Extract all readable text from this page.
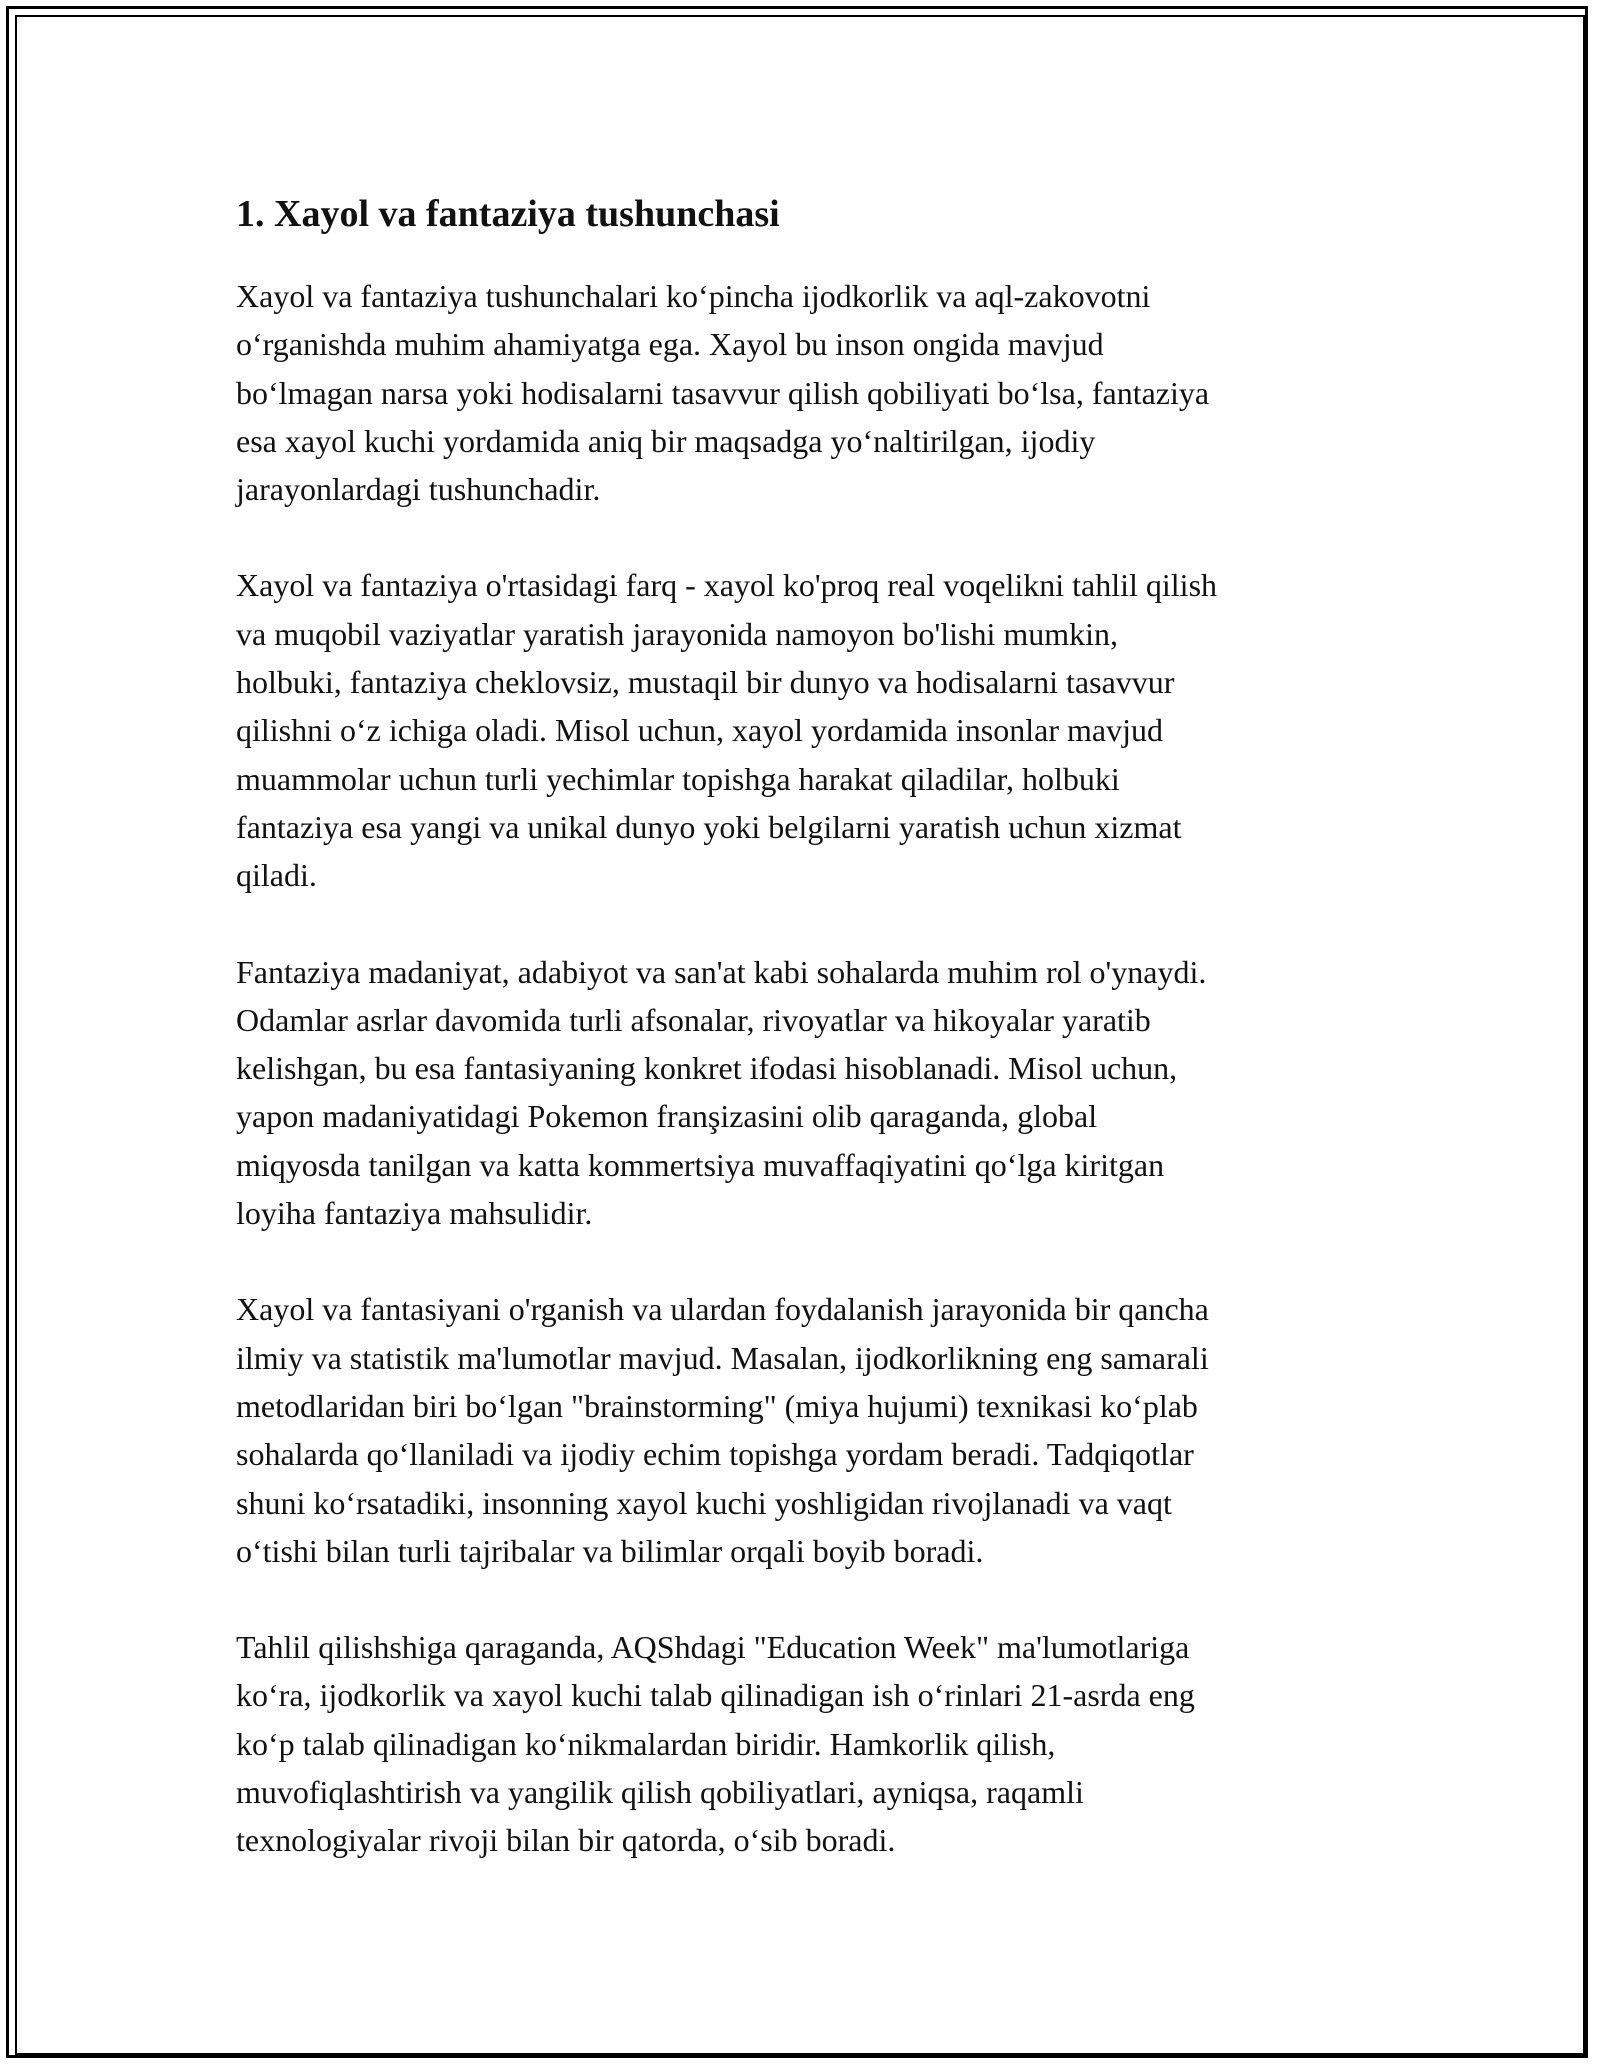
1. Xayol va fantaziya tushunchasi

Xayol va fantaziya tushunchalari koʻpincha ijodkorlik va aql-zakovotni
oʻrganishda muhim ahamiyatga ega. Xayol bu inson ongida mavjud
boʻlmagan narsa yoki hodisalarni tasavvur qilish qobiliyati boʻlsa, fantaziya
esa xayol kuchi yordamida aniq bir maqsadga yoʻnaltirilgan, ijodiy
jarayonlardagi tushunchadir.

Xayol va fantaziya o'rtasidagi farq - xayol ko'proq real voqelikni tahlil qilish
va muqobil vaziyatlar yaratish jarayonida namoyon bo'lishi mumkin,
holbuki, fantaziya cheklovsiz, mustaqil bir dunyo va hodisalarni tasavvur
qilishni oʻz ichiga oladi. Misol uchun, xayol yordamida insonlar mavjud
muammolar uchun turli yechimlar topishga harakat qiladilar, holbuki
fantaziya esa yangi va unikal dunyo yoki belgilarni yaratish uchun xizmat
qiladi.

Fantaziya madaniyat, adabiyot va san'at kabi sohalarda muhim rol o'ynaydi.
Odamlar asrlar davomida turli afsonalar, rivoyatlar va hikoyalar yaratib
kelishgan, bu esa fantasiyaning konkret ifodasi hisoblanadi. Misol uchun,
yapon madaniyatidagi Pokemon franşizasini olib qaraganda, global
miqyosda tanilgan va katta kommertsiya muvaffaqiyatini qoʻlga kiritgan
loyiha fantaziya mahsulidir.

Xayol va fantasiyani o'rganish va ulardan foydalanish jarayonida bir qancha
ilmiy va statistik ma'lumotlar mavjud. Masalan, ijodkorlikning eng samarali
metodlaridan biri boʻlgan "brainstorming" (miya hujumi) texnikasi koʻplab
sohalarda qoʻllaniladi va ijodiy echim topishga yordam beradi. Tadqiqotlar
shuni koʻrsatadiki, insonning xayol kuchi yoshligidan rivojlanadi va vaqt
oʻtishi bilan turli tajribalar va bilimlar orqali boyib boradi.

Tahlil qilishshiga qaraganda, AQShdagi "Education Week" ma'lumotlariga
koʻra, ijodkorlik va xayol kuchi talab qilinadigan ish oʻrinlari 21-asrda eng
koʻp talab qilinadigan koʻnikmalardan biridir. Hamkorlik qilish,
muvofiqlashtirish va yangilik qilish qobiliyatlari, ayniqsa, raqamli
texnologiyalar rivoji bilan bir qatorda, oʻsib boradi.
